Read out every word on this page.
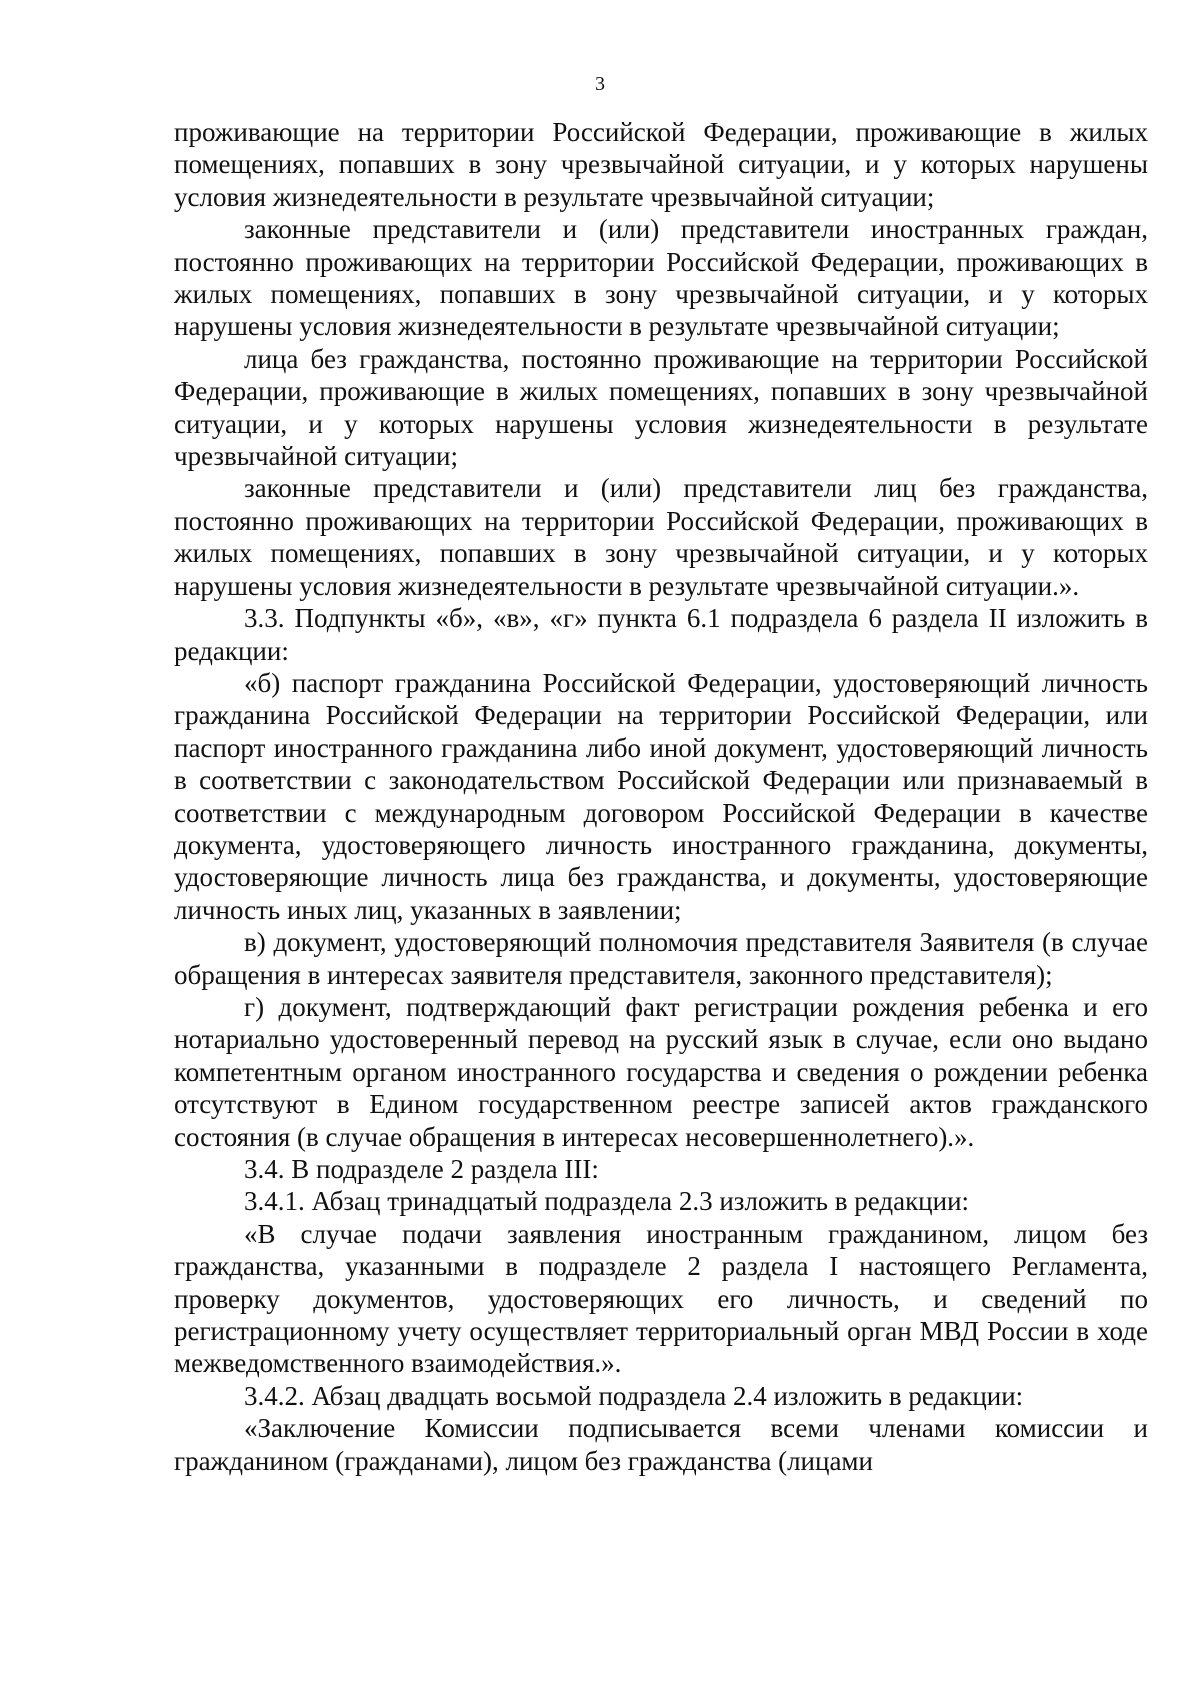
3

проживающие на территории Российской Федерации, проживающие в жилых помещениях, попавших в зону чрезвычайной ситуации, и у которых нарушены условия жизнедеятельности в результате чрезвычайной ситуации;

законные представители и (или) представители иностранных граждан, постоянно проживающих на территории Российской Федерации, проживающих в жилых помещениях, попавших в зону чрезвычайной ситуации, и у которых нарушены условия жизнедеятельности в результате чрезвычайной ситуации;

лица без гражданства, постоянно проживающие на территории Российской Федерации, проживающие в жилых помещениях, попавших в зону чрезвычайной ситуации, и у которых нарушены условия жизнедеятельности в результате чрезвычайной ситуации;

законные представители и (или) представители лиц без гражданства, постоянно проживающих на территории Российской Федерации, проживающих в жилых помещениях, попавших в зону чрезвычайной ситуации, и у которых нарушены условия жизнедеятельности в результате чрезвычайной ситуации.».

3.3. Подпункты «б», «в», «г» пункта 6.1 подраздела 6 раздела II изложить в редакции:

«б) паспорт гражданина Российской Федерации, удостоверяющий личность гражданина Российской Федерации на территории Российской Федерации, или паспорт иностранного гражданина либо иной документ, удостоверяющий личность в соответствии с законодательством Российской Федерации или признаваемый в соответствии с международным договором Российской Федерации в качестве документа, удостоверяющего личность иностранного гражданина, документы, удостоверяющие личность лица без гражданства, и документы, удостоверяющие личность иных лиц, указанных в заявлении;

в) документ, удостоверяющий полномочия представителя Заявителя (в случае обращения в интересах заявителя представителя, законного представителя);

г) документ, подтверждающий факт регистрации рождения ребенка и его нотариально удостоверенный перевод на русский язык в случае, если оно выдано компетентным органом иностранного государства и сведения о рождении ребенка отсутствуют в Едином государственном реестре записей актов гражданского состояния (в случае обращения в интересах несовершеннолетнего).».

3.4. В подразделе 2 раздела III:

3.4.1. Абзац тринадцатый подраздела 2.3 изложить в редакции:

«В случае подачи заявления иностранным гражданином, лицом без гражданства, указанными в подразделе 2 раздела I настоящего Регламента, проверку документов, удостоверяющих его личность, и сведений по регистрационному учету осуществляет территориальный орган МВД России в ходе межведомственного взаимодействия.».

3.4.2. Абзац двадцать восьмой подраздела 2.4 изложить в редакции:

«Заключение Комиссии подписывается всеми членами комиссии и гражданином (гражданами), лицом без гражданства (лицами
